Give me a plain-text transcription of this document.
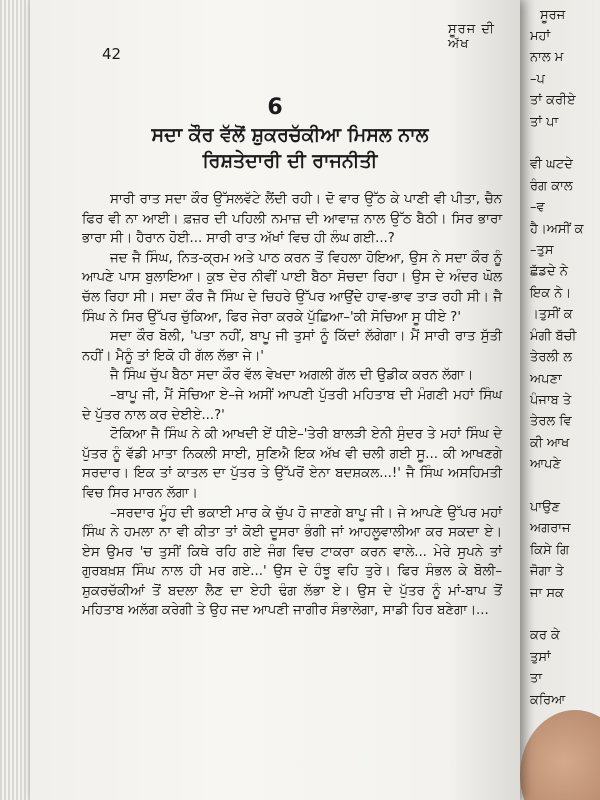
ਸੂਰਜ
ਮਹਾਂ
ਨਾਲ ਮ
–ਪ
ਤਾਂ ਕਰੀਏ
ਤਾਂ ਪਾ

ਵੀ ਘਟਦੇ
ਰੰਗ ਕਾਲ
–ਵ
ਹੈ।ਅਸੀਂ ਕ
–ਤੁਸ
ਛੱਡਦੇ ਨੇ
ਇਕ ਨੇ।
।ਤੁਸੀਂ ਕ
ਮੰਗੀ ਬੱਚੀ
ਤੇਰਲੀ ਲ
ਅਪਣਾ
ਪੰਜਾਬ ਤੇ
ਤੇਰਲ ਵਿ
ਕੀ ਆਖ
ਆਪਣੇ

ਪਾਉਣ
ਅਗਰਾਜ
ਕਿਸੇ ਗਿ
ਜੋਗਾ ਤੇ
ਜਾ ਸਕ

ਕਰ ਕੇ
ਤੁਸਾਂ
ਤਾ
ਕਰਿਆ
42
ਸੂਰਜ ਦੀ ਅੱਖ
6
ਸਦਾ ਕੌਰ ਵੱਲੋਂ ਸ਼ੁਕਰਚੱਕੀਆ ਮਿਸਲ ਨਾਲ
ਰਿਸ਼ਤੇਦਾਰੀ ਦੀ ਰਾਜਨੀਤੀ

ਸਾਰੀ ਰਾਤ ਸਦਾ ਕੌਰ ਉੱਸਲਵੱਟੇ ਲੈਂਦੀ ਰਹੀ। ਦੋ ਵਾਰ ਉੱਠ ਕੇ ਪਾਣੀ ਵੀ ਪੀਤਾ, ਚੈਨ ਫਿਰ ਵੀ ਨਾ ਆਈ। ਫ਼ਜ਼ਰ ਦੀ ਪਹਿਲੀ ਨਮਾਜ਼ ਦੀ ਆਵਾਜ਼ ਨਾਲ ਉੱਠ ਬੈਠੀ। ਸਿਰ ਭਾਰਾ ਭਾਰਾ ਸੀ। ਹੈਰਾਨ ਹੋਈ... ਸਾਰੀ ਰਾਤ ਅੱਖਾਂ ਵਿਚ ਹੀ ਲੰਘ ਗਈ...?

ਜਦ ਜੈ ਸਿੰਘ, ਨਿਤ-ਕ੍ਰਮ ਅਤੇ ਪਾਠ ਕਰਨ ਤੋਂ ਵਿਹਲਾ ਹੋਇਆ, ਉਸ ਨੇ ਸਦਾ ਕੌਰ ਨੂੰ ਆਪਣੇ ਪਾਸ ਬੁਲਾਇਆ। ਕੁਝ ਦੇਰ ਨੀਵੀਂ ਪਾਈ ਬੈਠਾ ਸੋਚਦਾ ਰਿਹਾ। ਉਸ ਦੇ ਅੰਦਰ ਘੋਲ ਚੱਲ ਰਿਹਾ ਸੀ। ਸਦਾ ਕੌਰ ਜੈ ਸਿੰਘ ਦੇ ਚਿਹਰੇ ਉੱਪਰ ਆਉਂਦੇ ਹਾਵ-ਭਾਵ ਤਾੜ ਰਹੀ ਸੀ। ਜੈ ਸਿੰਘ ਨੇ ਸਿਰ ਉੱਪਰ ਚੁੱਕਿਆ, ਫਿਰ ਜੇਰਾ ਕਰਕੇ ਪੁੱਛਿਆ–'ਕੀ ਸੋਚਿਆ ਸੂ ਧੀਏ ?'

ਸਦਾ ਕੌਰ ਬੋਲੀ, 'ਪਤਾ ਨਹੀਂ, ਬਾਪੂ ਜੀ ਤੁਸਾਂ ਨੂੰ ਕਿੱਦਾਂ ਲੱਗੇਗਾ। ਮੈਂ ਸਾਰੀ ਰਾਤ ਸੁੱਤੀ ਨਹੀਂ। ਮੈਨੂੰ ਤਾਂ ਇਕੋ ਹੀ ਗੱਲ ਲੱਭਾ ਜੇ।'

ਜੈ ਸਿੰਘ ਚੁੱਪ ਬੈਠਾ ਸਦਾ ਕੌਰ ਵੱਲ ਵੇਖਦਾ ਅਗਲੀ ਗੱਲ ਦੀ ਉਡੀਕ ਕਰਨ ਲੱਗਾ।

–ਬਾਪੂ ਜੀ, ਮੈਂ ਸੋਚਿਆ ਏ–ਜੇ ਅਸੀਂ ਆਪਣੀ ਪੁੱਤਰੀ ਮਹਿਤਾਬ ਦੀ ਮੰਗਣੀ ਮਹਾਂ ਸਿੰਘ ਦੇ ਪੁੱਤਰ ਨਾਲ ਕਰ ਦੇਈਏ...?'

ਟੋਕਿਆ ਜੈ ਸਿੰਘ ਨੇ ਕੀ ਆਖਦੀ ਏਂ ਧੀਏ–'ਤੇਰੀ ਬਾਲੜੀ ਏਨੀ ਸੁੰਦਰ ਤੇ ਮਹਾਂ ਸਿੰਘ ਦੇ ਪੁੱਤਰ ਨੂੰ ਵੱਡੀ ਮਾਤਾ ਨਿਕਲੀ ਸਾਈ, ਸੁਣਿਐ ਇਕ ਅੱਖ ਵੀ ਚਲੀ ਗਈ ਸੂ... ਕੀ ਆਖਣਗੇ ਸਰਦਾਰ। ਇਕ ਤਾਂ ਕਾਤਲ ਦਾ ਪੁੱਤਰ ਤੇ ਉੱਪਰੋਂ ਏਨਾ ਬਦਸ਼ਕਲ...!' ਜੈ ਸਿੰਘ ਅਸਹਿਮਤੀ ਵਿਚ ਸਿਰ ਮਾਰਨ ਲੱਗਾ।

–ਸਰਦਾਰ ਮੂੰਹ ਦੀ ਭਕਾਈ ਮਾਰ ਕੇ ਚੁੱਪ ਹੋ ਜਾਣਗੇ ਬਾਪੂ ਜੀ। ਜੇ ਆਪਣੇ ਉੱਪਰ ਮਹਾਂ ਸਿੰਘ ਨੇ ਹਮਲਾ ਨਾ ਵੀ ਕੀਤਾ ਤਾਂ ਕੋਈ ਦੂਸਰਾ ਭੰਗੀ ਜਾਂ ਆਹਲੂਵਾਲੀਆ ਕਰ ਸਕਦਾ ਏ। ਏਸ ਉਮਰ 'ਚ ਤੁਸੀਂ ਕਿਥੇ ਰਹਿ ਗਏ ਜੰਗ ਵਿਚ ਟਾਕਰਾ ਕਰਨ ਵਾਲੇ... ਮੇਰੇ ਸੁਪਨੇ ਤਾਂ ਗੁਰਬਖ਼ਸ਼ ਸਿੰਘ ਨਾਲ ਹੀ ਮਰ ਗਏ...' ਉਸ ਦੇ ਹੰਝੂ ਵਹਿ ਤੁਰੇ। ਫਿਰ ਸੰਭਲ ਕੇ ਬੋਲੀ–ਸ਼ੁਕਰਚੱਕੀਆਂ ਤੋਂ ਬਦਲਾ ਲੈਣ ਦਾ ਏਹੀ ਢੰਗ ਲੱਭਾ ਏ। ਉਸ ਦੇ ਪੁੱਤਰ ਨੂੰ ਮਾਂ-ਬਾਪ ਤੋਂ ਮਹਿਤਾਬ ਅਲੱਗ ਕਰੇਗੀ ਤੇ ਉਹ ਜਦ ਆਪਣੀ ਜਾਗੀਰ ਸੰਭਾਲੇਗਾ, ਸਾਡੀ ਹਿਰ ਬਣੇਗਾ।...
